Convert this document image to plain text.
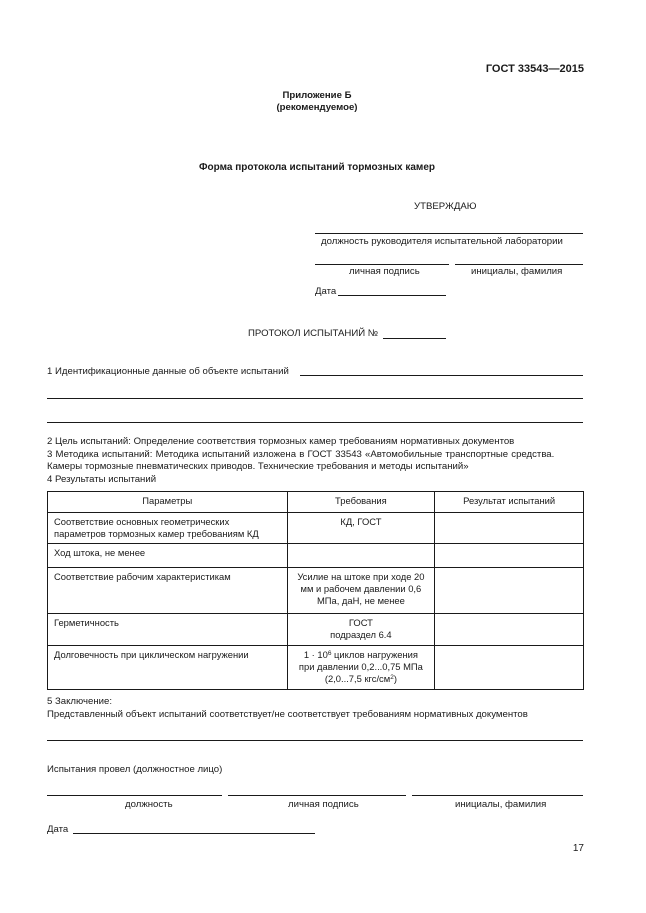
ГОСТ 33543—2015
Приложение Б
(рекомендуемое)
Форма протокола испытаний тормозных камер
УТВЕРЖДАЮ
должность руководителя испытательной лаборатории
личная подпись	инициалы, фамилия
Дата
ПРОТОКОЛ ИСПЫТАНИЙ №
1 Идентификационные данные об объекте испытаний
2 Цель испытаний: Определение соответствия тормозных камер требованиям нормативных документов
3 Методика испытаний: Методика испытаний изложена в ГОСТ 33543 «Автомобильные транспортные средства.
Камеры тормозные пневматических приводов. Технические требования и методы испытаний»
4 Результаты испытаний
Параметры	Требования	Результат испытаний
Соответствие основных геометрических параметров тормозных камер требованиям КД	КД, ГОСТ	
Ход штока, не менее		
Соответствие рабочим характеристикам	Усилие на штоке при ходе 20 мм и рабочем давлении 0,6 МПа, даН, не менее	
Герметичность	ГОСТ
подраздел 6.4	

Долговечность при циклическом нагружении	$1 \cdot 10^6$ циклов нагружения
при давлении 0,2...0,75 МПа
(2,0...7,5 кгс/$см^2$)	

5 Заключение:
Представленный объект испытаний соответствует/не соответствует требованиям нормативных документов
Испытания провел (должностное лицо)
должность	личная подпись	инициалы, фамилия
Дата
17
